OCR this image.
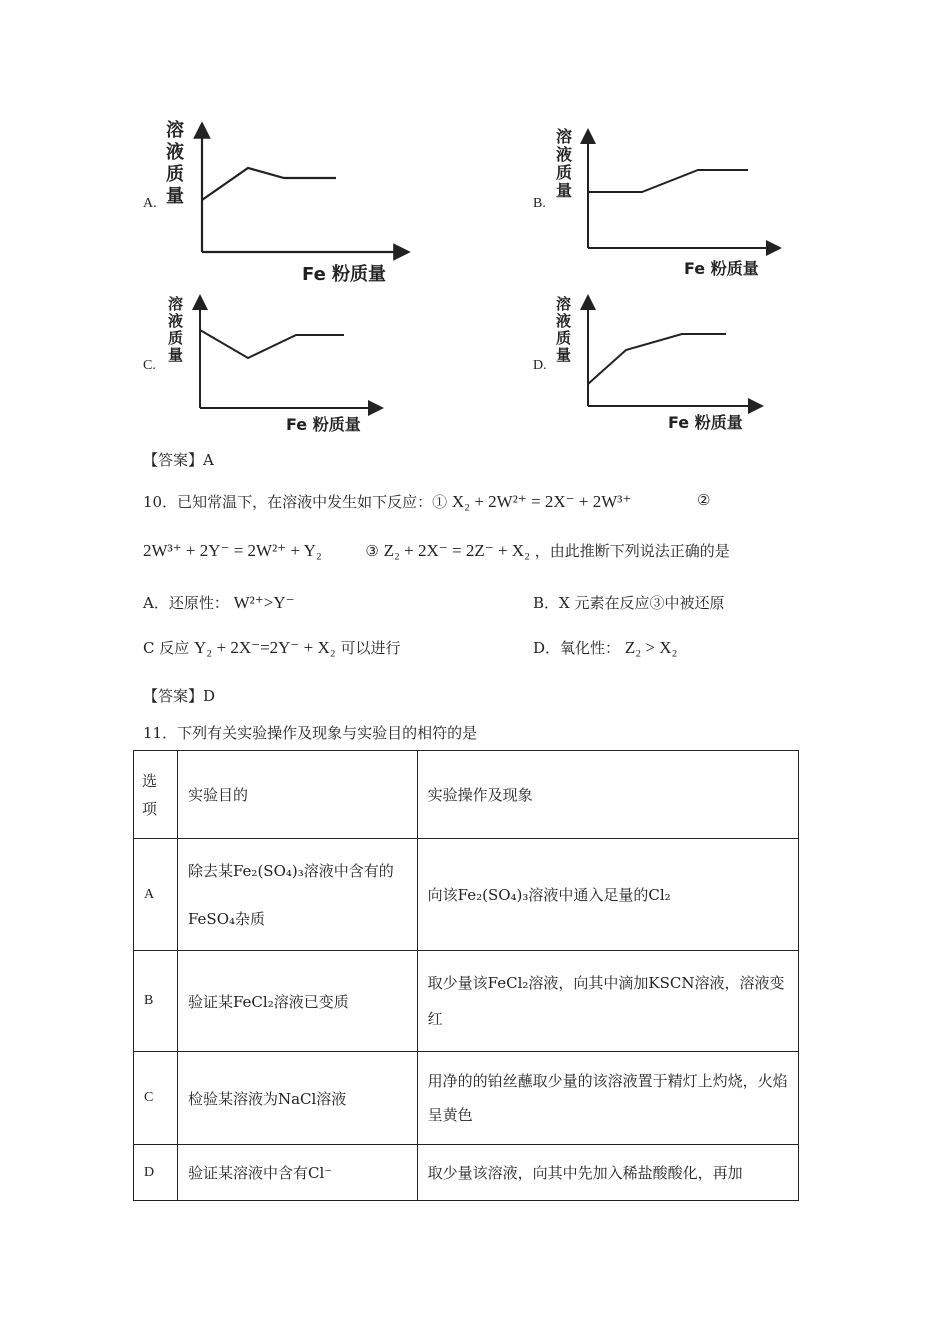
A.
溶液质量
Fe 粉质量
B.
溶液质量
Fe 粉质量
C.
溶液质量
Fe 粉质量
D.
溶液质量
Fe 粉质量
【答案】A
10．已知常温下，在溶液中发生如下反应：① X₂ + 2W²⁺ = 2X⁻ + 2W³⁺	②
2W³⁺ + 2Y⁻ = 2W²⁺ + Y₂	③ Z₂ + 2X⁻ = 2Z⁻ + X₂ ，由此推断下列说法正确的是
A．还原性： W²⁺>Y⁻	B．X 元素在反应③中被还原
C 反应 Y₂ + 2X⁻=2Y⁻ + X₂ 可以进行	D．氧化性： Z₂ > X₂
【答案】D
11．下列有关实验操作及现象与实验目的相符的是
选
项	实验目的	实验操作及现象
A	除去某Fe₂(SO₄)₃溶液中含有的FeSO₄杂质	向该Fe₂(SO₄)₃溶液中通入足量的Cl₂
B	验证某FeCl₂溶液已变质	取少量该FeCl₂溶液，向其中滴加KSCN溶液，溶液变红

C	检验某溶液为NaCl溶液	用净的的铂丝蘸取少量的该溶液置于精灯上灼烧，火焰呈黄色

D	验证某溶液中含有Cl⁻	取少量该溶液，向其中先加入稀盐酸酸化，再加
